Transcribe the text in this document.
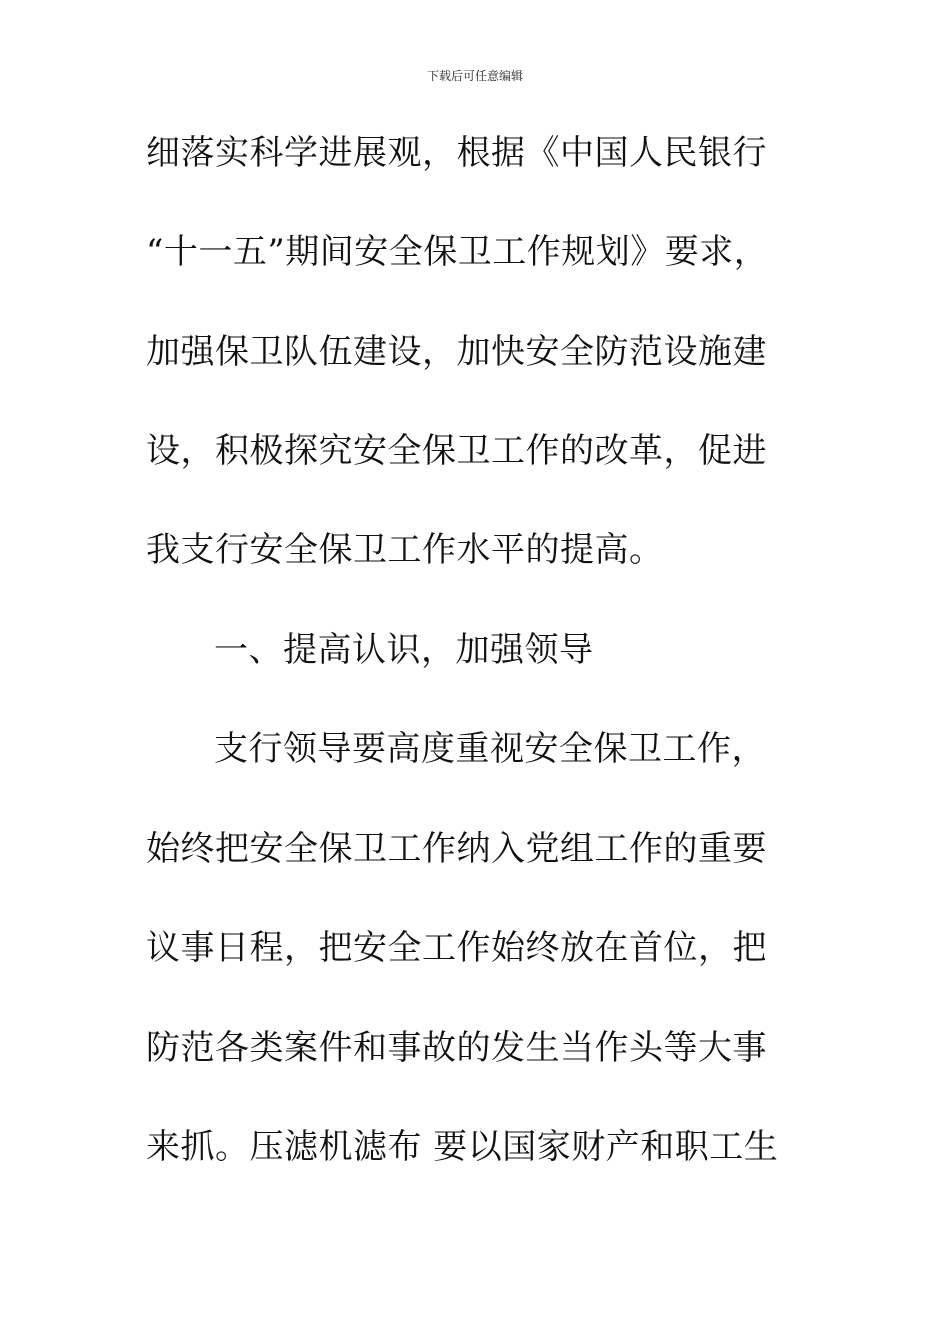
下载后可任意编辑
细落实科学进展观，根据《中国人民银行
“十一五”期间安全保卫工作规划》要求，
加强保卫队伍建设，加快安全防范设施建
设，积极探究安全保卫工作的改革，促进
我支行安全保卫工作水平的提高。
一、提高认识，加强领导
支行领导要高度重视安全保卫工作，
始终把安全保卫工作纳入党组工作的重要
议事日程，把安全工作始终放在首位，把
防范各类案件和事故的发生当作头等大事
来抓。压滤机滤布 要以国家财产和职工生
